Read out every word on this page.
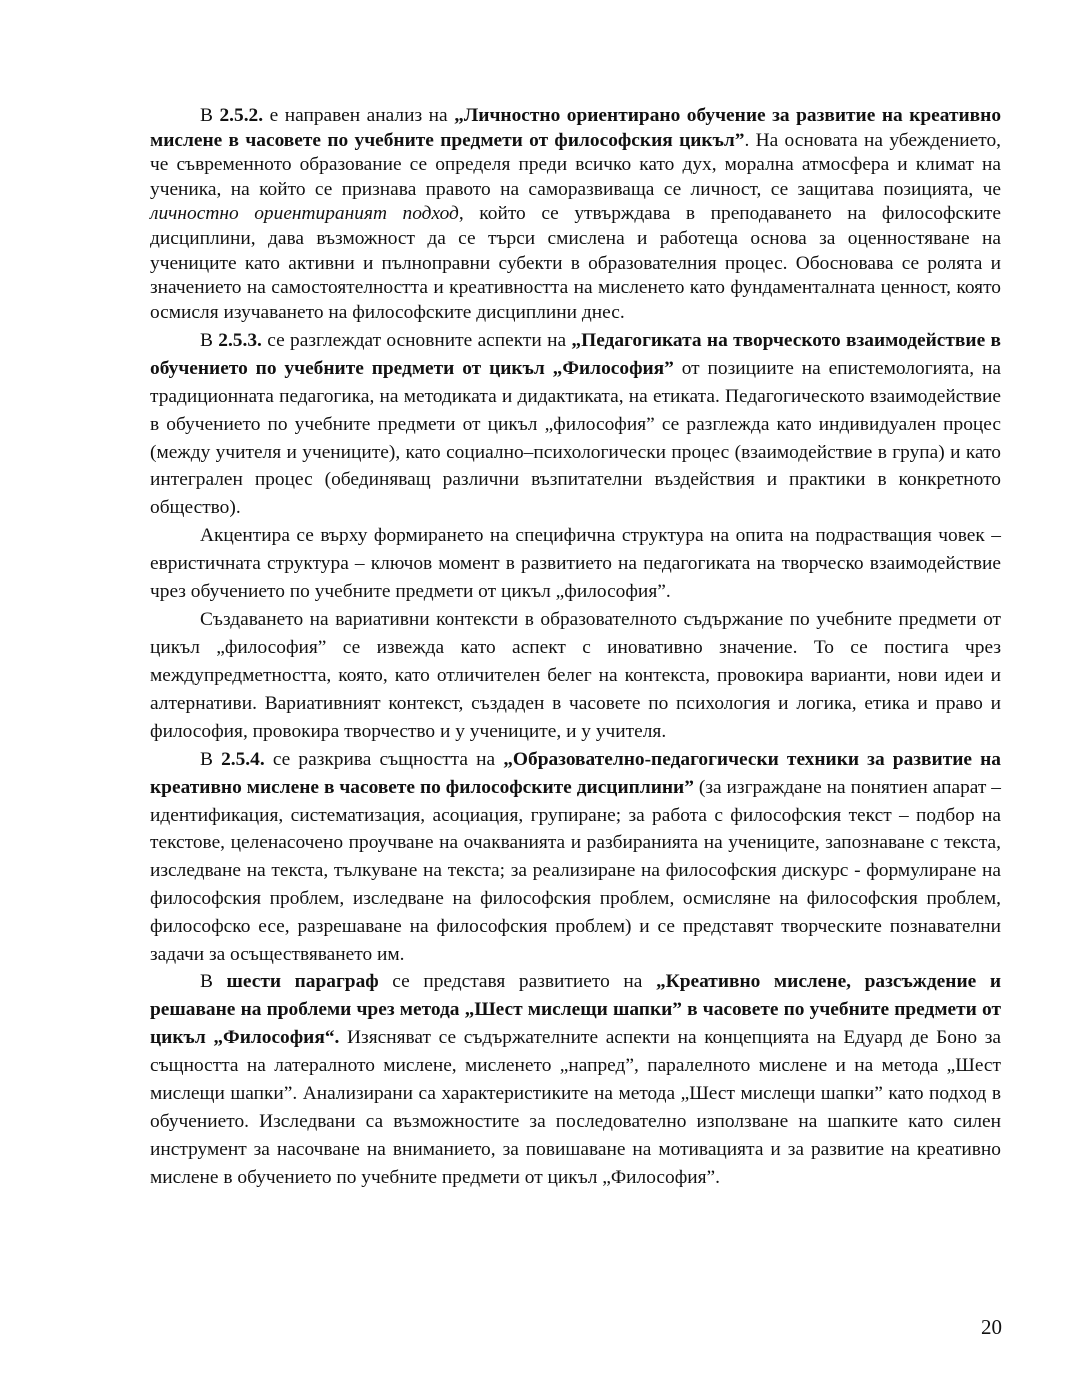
В 2.5.2. е направен анализ на „Личностно ориентирано обучение за развитие на креативно мислене в часовете по учебните предмети от философския цикъл”. На основата на убеждението, че съвременното образование се определя преди всичко като дух, морална атмосфера и климат на ученика, на който се признава правото на саморазвиваща се личност, се защитава позицията, че личностно ориентираният подход, който се утвърждава в преподаването на философските дисциплини, дава възможност да се търси смислена и работеща основа за оценностяване на учениците като активни и пълноправни субекти в образователния процес. Обосновава се ролята и значението на самостоятелността и креативността на мисленето като фундаменталната ценност, която осмисля изучаването на философските дисциплини днес.

В 2.5.3. се разглеждат основните аспекти на „Педагогиката на творческото взаимодействие в обучението по учебните предмети от цикъл „Философия” от позициите на епистемологията, на традиционната педагогика, на методиката и дидактиката, на етиката. Педагогическото взаимодействие в обучението по учебните предмети от цикъл „философия” се разглежда като индивидуален процес (между учителя и учениците), като социално–психологически процес (взаимодействие в група) и като интегрален процес (обединяващ различни възпитателни въздействия и практики в конкретното общество).

Акцентира се върху формирането на специфична структура на опита на подрастващия човек – евристичната структура – ключов момент в развитието на педагогиката на творческо взаимодействие чрез обучението по учебните предмети от цикъл „философия”.

Създаването на вариативни контексти в образователното съдържание по учебните предмети от цикъл „философия” се извежда като аспект с иновативно значение. То се постига чрез междупредметността, която, като отличителен белег на контекста, провокира варианти, нови идеи и алтернативи. Вариативният контекст, създаден в часовете по психология и логика, етика и право и философия, провокира творчество и у учениците, и у учителя.

В 2.5.4. се разкрива същността на „Образователно-педагогически техники за развитие на креативно мислене в часовете по философските дисциплини” (за изграждане на понятиен апарат – идентификация, систематизация, асоциация, групиране; за работа с философския текст – подбор на текстове, целенасочено проучване на очакванията и разбиранията на учениците, запознаване с текста, изследване на текста, тълкуване на текста; за реализиране на философския дискурс - формулиране на философския проблем, изследване на философския проблем, осмисляне на философския проблем, философско есе, разрешаване на философския проблем) и се представят творческите познавателни задачи за осъществяването им.

В шести параграф се представя развитието на „Креативно мислене, разсъждение и решаване на проблеми чрез метода „Шест мислещи шапки” в часовете по учебните предмети от цикъл „Философия“. Изясняват се съдържателните аспекти на концепцията на Едуард де Боно за същността на латералното мислене, мисленето „напред”, паралелното мислене и на метода „Шест мислещи шапки”. Анализирани са характеристиките на метода „Шест мислещи шапки” като подход в обучението. Изследвани са възможностите за последователно използване на шапките като силен инструмент за насочване на вниманието, за повишаване на мотивацията и за развитие на креативно мислене в обучението по учебните предмети от цикъл „Философия”.

20
